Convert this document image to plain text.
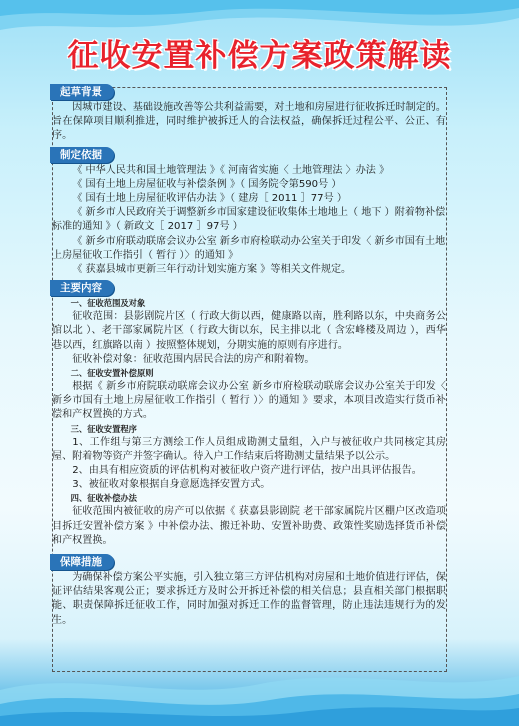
征收安置补偿方案政策解读
起草背景

因城市建设、基础设施改善等公共利益需要，对土地和房屋进行征收拆迁时制定的。旨在保障项目顺利推进，同时维护被拆迁人的合法权益，确保拆迁过程公平、公正、有序。

制定依据
《 中华人民共和国土地管理法 》《 河南省实施〈 土地管理法 〉办法 》
《 国有土地上房屋征收与补偿条例 》（ 国务院令第590号 ）
《 国有土地上房屋征收评估办法 》（ 建房［ 2011 ］77号 ）
《 新乡市人民政府关于调整新乡市国家建设征收集体土地地上（ 地下 ）附着物补偿标准的通知 》（ 新政文［ 2017 ］97号 ）
《 新乡市府联动联席会议办公室 新乡市府检联动办公室关于印发〈 新乡市国有土地上房屋征收工作指引（ 暂行 ）〉的通知 》
《 获嘉县城市更新三年行动计划实施方案 》等相关文件规定。
主要内容

一、征收范围及对象

征收范围：县影剧院片区（ 行政大街以西，健康路以南，胜利路以东，中央商务公馆以北 ）、老干部家属院片区（ 行政大街以东，民主排以北（ 含宏峰楼及周边 ），西华巷以西，红旗路以南 ）按照整体规划，分期实施的原则有序进行。

征收补偿对象：征收范围内居民合法的房产和附着物。

二、征收安置补偿原则

根据《 新乡市府院联动联席会议办公室 新乡市府检联动联席会议办公室关于印发〈 新乡市国有土地上房屋征收工作指引（ 暂行 ）〉的通知 》要求，本项目改造实行货币补偿和产权置换的方式。

三、征收安置程序

1、工作组与第三方测绘工作人员组成勘测丈量组，入户与被征收户共同核定其房屋、附着物等资产并签字确认。待入户工作结束后将勘测丈量结果予以公示。

2、由具有相应资质的评估机构对被征收户资产进行评估，按户出具评估报告。

3、被征收对象根据自身意愿选择安置方式。

四、征收补偿办法

征收范围内被征收的房产可以依据《 获嘉县影剧院 老干部家属院片区棚户区改造项目拆迁安置补偿方案 》中补偿办法、搬迁补助、安置补助费、政策性奖励选择货币补偿和产权置换。

保障措施

为确保补偿方案公平实施，引入独立第三方评估机构对房屋和土地价值进行评估，保证评估结果客观公正；要求拆迁方及时公开拆迁补偿的相关信息；县直相关部门根据职能、职责保障拆迁征收工作，同时加强对拆迁工作的监督管理，防止违法违规行为的发生。
